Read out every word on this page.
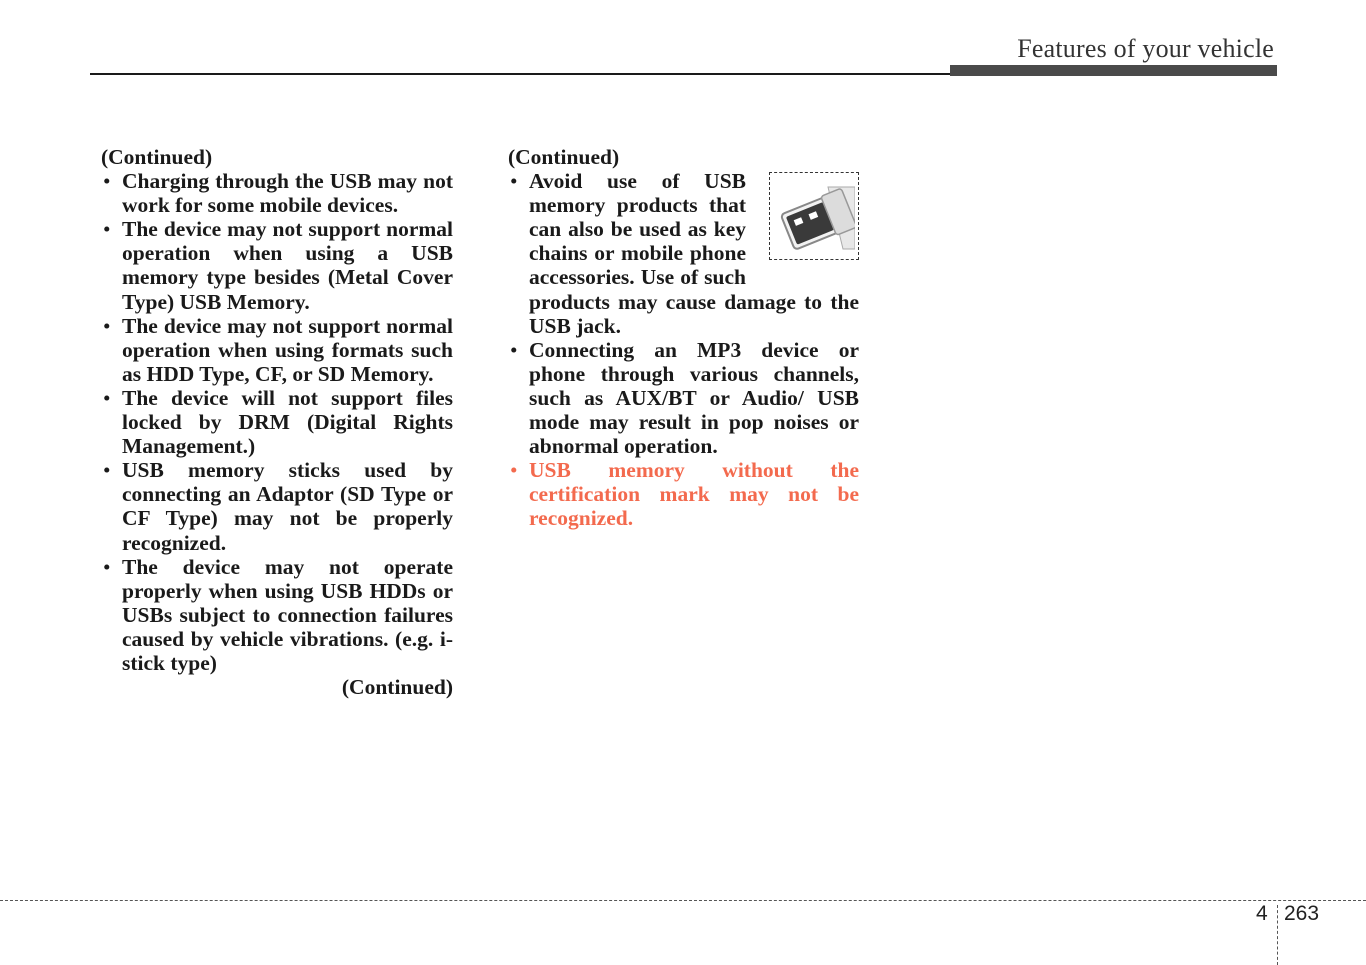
Features of your vehicle

(Continued)

• Charging through the USB may not work for some mobile devices.
• The device may not support normal operation when using a USB memory type besides (Metal Cover Type) USB Memory.
• The device may not support normal operation when using formats such as HDD Type, CF, or SD Memory.
• The device will not support files locked by DRM (Digital Rights Management.)
• USB memory sticks used by connecting an Adaptor (SD Type or CF Type) may not be properly recognized.
• The device may not operate properly when using USB HDDs or USBs subject to connection failures caused by vehicle vibrations. (e.g. i-stick type)
(Continued)

(Continued)

• Avoid use of USB memory products that can also be used as key chains or mobile phone accessories. Use of such products may cause damage to the USB jack.
• Connecting an MP3 device or phone through various channels, such as AUX/BT or Audio/ USB mode may result in pop noises or abnormal operation.
• USB memory without the certification mark may not be recognized.
4 263
